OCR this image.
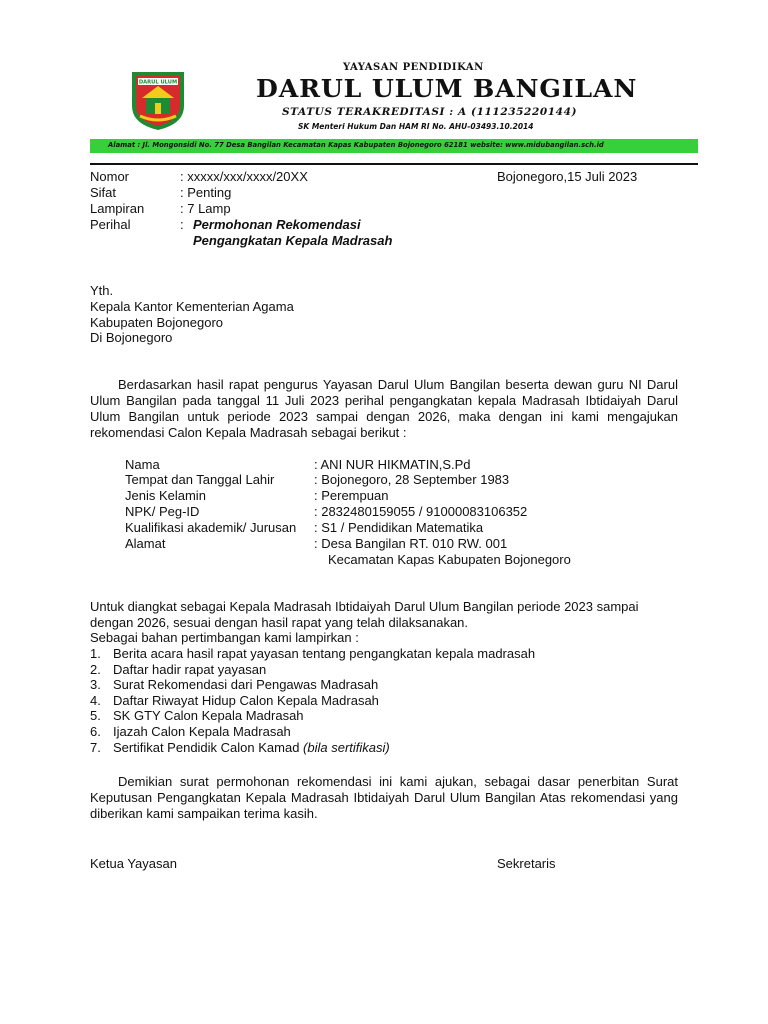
DARUL ULUM
YAYASAN PENDIDIKAN
DARUL ULUM BANGILAN
STATUS TERAKREDITASI : A (111235220144)
SK Menteri Hukum Dan HAM RI No. AHU-03493.10.2014
Alamat : Jl. Mongonsidi No. 77 Desa Bangilan Kecamatan Kapas Kabupaten Bojonegoro 62181 website: www.midubangilan.sch.id
Nomor	: xxxxx/xxx/xxxx/20XX	Bojonegoro,15 Juli 2023
Sifat	: Penting
Lampiran	: 7 Lamp
Perihal	: Permohonan Rekomendasi
Pengangkatan Kepala Madrasah
Yth.
Kepala Kantor Kementerian Agama
Kabupaten Bojonegoro
Di Bojonegoro
Berdasarkan hasil rapat pengurus Yayasan Darul Ulum Bangilan beserta dewan guru NI Darul Ulum Bangilan pada tanggal 11 Juli 2023 perihal pengangkatan kepala Madrasah Ibtidaiyah Darul Ulum Bangilan untuk periode 2023 sampai dengan 2026, maka dengan ini kami mengajukan rekomendasi Calon Kepala Madrasah sebagai berikut :
Nama	: ANI NUR HIKMATIN,S.Pd
Tempat dan Tanggal Lahir	: Bojonegoro, 28 September 1983
Jenis Kelamin	: Perempuan
NPK/ Peg-ID	: 2832480159055 / 91000083106352
Kualifikasi akademik/ Jurusan : S1 / Pendidikan Matematika
Alamat	: Desa Bangilan RT. 010 RW. 001
Kecamatan Kapas Kabupaten Bojonegoro
Untuk diangkat sebagai Kepala Madrasah Ibtidaiyah Darul Ulum Bangilan periode 2023 sampai
dengan 2026, sesuai dengan hasil rapat yang telah dilaksanakan.
Sebagai bahan pertimbangan kami lampirkan :
1. Berita acara hasil rapat yayasan tentang pengangkatan kepala madrasah
2. Daftar hadir rapat yayasan
3. Surat Rekomendasi dari Pengawas Madrasah
4. Daftar Riwayat Hidup Calon Kepala Madrasah
5. SK GTY Calon Kepala Madrasah
6. Ijazah Calon Kepala Madrasah
7. Sertifikat Pendidik Calon Kamad (bila sertifikasi)
Demikian surat permohonan rekomendasi ini kami ajukan, sebagai dasar penerbitan Surat Keputusan Pengangkatan Kepala Madrasah Ibtidaiyah Darul Ulum Bangilan Atas rekomendasi yang diberikan kami sampaikan terima kasih.
Ketua Yayasan	Sekretaris
